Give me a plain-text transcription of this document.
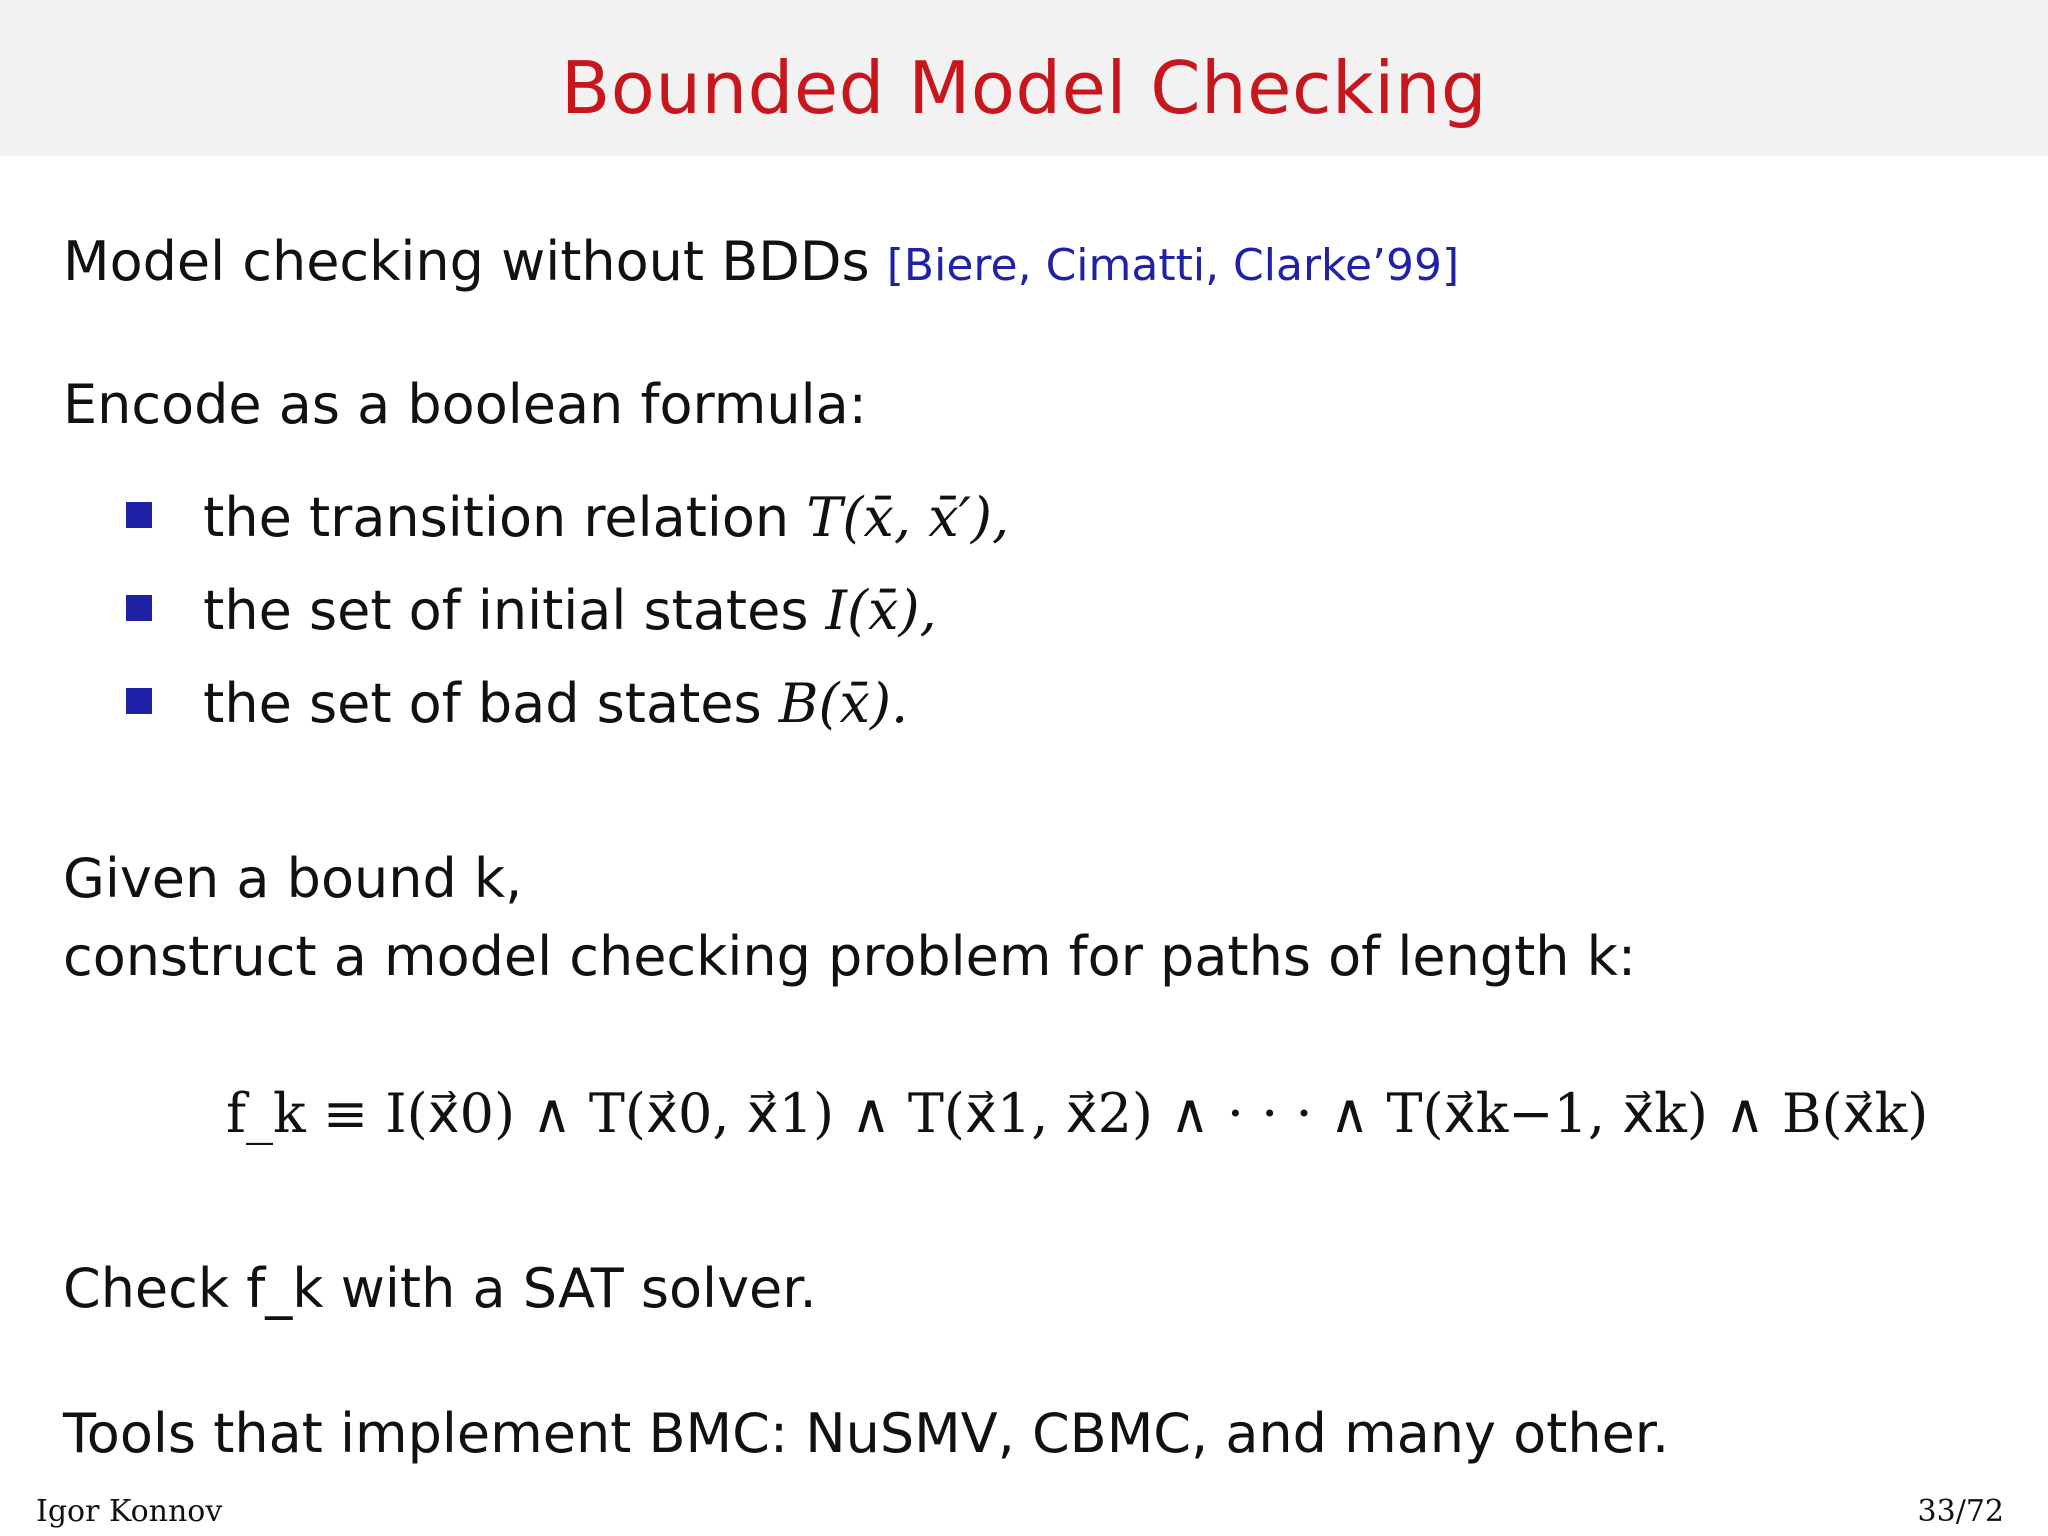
Bounded Model Checking
Model checking without BDDs [Biere, Cimatti, Clarke’99]
Encode as a boolean formula:
the transition relation T(x̄, x̄′),
the set of initial states I(x̄),
the set of bad states B(x̄).
Given a bound k,
construct a model checking problem for paths of length k:
f_k ≡ I(x⃗0) ∧ T(x⃗0, x⃗1) ∧ T(x⃗1, x⃗2) ∧ · · · ∧ T(x⃗k−1, x⃗k) ∧ B(x⃗k)
Check f_k with a SAT solver.
Tools that implement BMC: NuSMV, CBMC, and many other.
Igor Konnov	33/72
